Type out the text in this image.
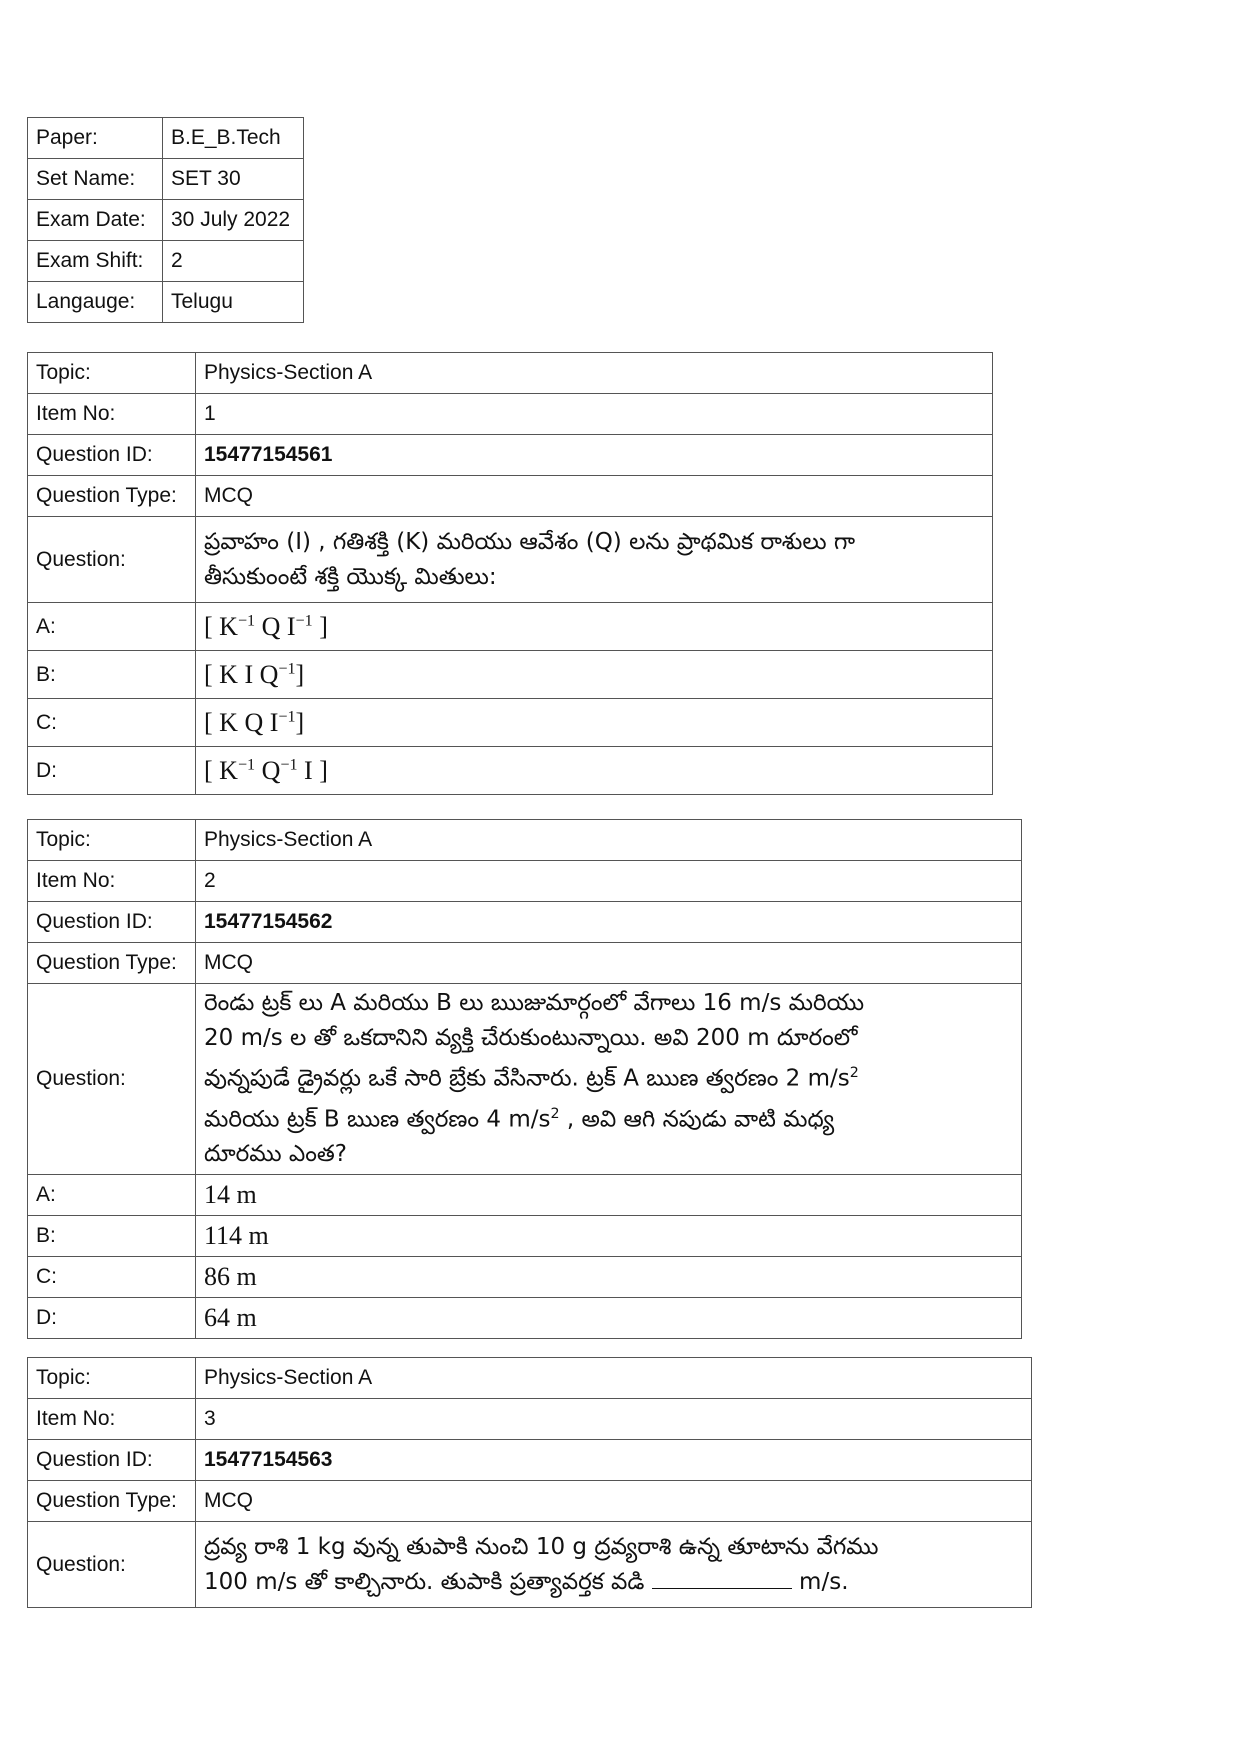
Paper:	B.E_B.Tech
Set Name:	SET 30
Exam Date:	30 July 2022
Exam Shift:	2
Langauge:	Telugu
Topic:	Physics-Section A
Item No:	1
Question ID:	15477154561
Question Type:	MCQ
Question:	ప్రవాహం (I) , గతిశక్తి (K) మరియు ఆవేశం (Q) లను ప్రాథమిక రాశులు గా
తీసుకుంంటే శక్తి యొక్క మితులు:

A:	[ $K^{-1}$ Q $I^{-1}$ ]
B:	[ K I $Q^{-1}$]
C:	[ K Q $I^{-1}$]
D:	[ $K^{-1}$ $Q^{-1}$ I ]
Topic:	Physics-Section A
Item No:	2
Question ID:	15477154562
Question Type:	MCQ
Question:	రెండు ట్రక్ లు A మరియు B లు ఋజుమార్గంలో వేగాలు 16 m/s మరియు
20 m/s ల తో ఒకదానిని వ్యక్తి చేరుకుంటున్నాయి. అవి 200 m దూరంలో
వున్నపుడే డ్రైవర్లు ఒకే సారి బ్రేకు వేసినారు. ట్రక్ A ఋణ త్వరణం 2 $m/s^2$
మరియు ట్రక్ B ఋణ త్వరణం 4 $m/s^2$ , అవి ఆగి నపుడు వాటి మధ్య
దూరము ఎంత?

A:	14 m
B:	114 m
C:	86 m
D:	64 m
Topic:	Physics-Section A
Item No:	3
Question ID:	15477154563
Question Type:	MCQ
Question:	ద్రవ్య రాశి 1 kg వున్న తుపాకి నుంచి 10 g ద్రవ్యరాశి ఉన్న తూటాను వేగము
100 m/s తో కాల్చినారు. తుపాకి ప్రత్యావర్తక వడి m/s.
